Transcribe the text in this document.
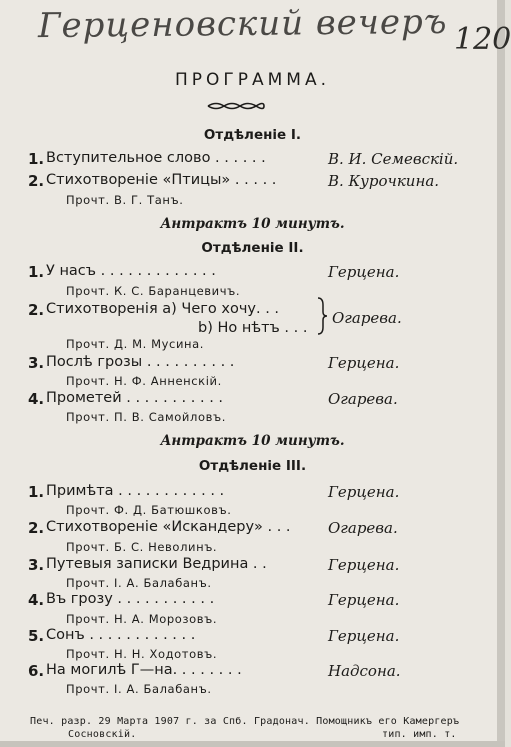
Герценовский вечеръ 120
ПРОГРАММА.
Отдѣленіе I.
1. Вступительное слово . . . . . .	В. И. Семевскій.
2. Стихотвореніе «Птицы» . . . . .	В. Курочкина.
Прочт. В. Г. Танъ.
Антрактъ 10 минутъ.
Отдѣленіе II.
1. У насъ . . . . . . . . . . . . .	Герцена.
Прочт. К. С. Баранцевичъ.
2. Стихотворенія a) Чего хочу. . .
b) Но нѣтъ . . .
Огарева.
Прочт. Д. М. Мусина.
3. Послѣ грозы . . . . . . . . . .	Герцена.
Прочт. Н. Ф. Анненскій.
4. Прометей . . . . . . . . . . .	Огарева.
Прочт. П. В. Самойловъ.
Антрактъ 10 минутъ.
Отдѣленіе III.
1. Примѣта . . . . . . . . . . . .	Герцена.
Прочт. Ф. Д. Батюшковъ.
2. Стихотвореніе «Искандеру» . . . Огарева.
Прочт. Б. С. Неволинъ.
3. Путевыя записки Ведрина . .	Герцена.
Прочт. І. А. Балабанъ.
4. Въ грозу . . . . . . . . . . .	Герцена.
Прочт. Н. А. Морозовъ.
5. Сонъ . . . . . . . . . . . .	Герцена.
Прочт. Н. Н. Ходотовъ.
6. На могилѣ Г—на. . . . . . . .	Надсона.
Прочт. І. А. Балабанъ.
Печ. разр. 29 Марта 1907 г. за Спб. Градонач. Помощникъ его Камергеръ
Сосновскій.	тип. имп. т.
